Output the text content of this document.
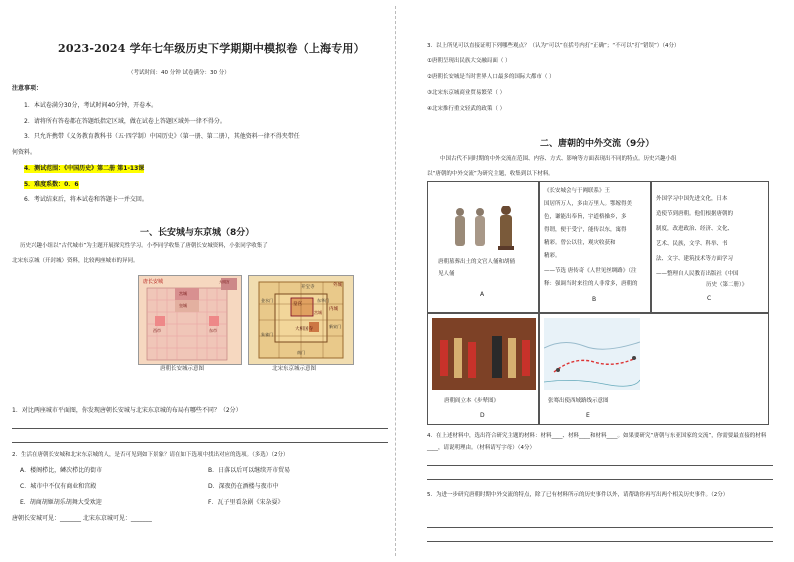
2023-2024 学年七年级历史下学期期中模拟卷（上海专用）
（考试时间：40 分钟 试卷满分：30 分）
注意事项：
1．本试卷满分30分，考试时间40分钟，开卷本。
2．请将所有答卷都在答题纸指定区域，做在试卷上答题区域外一律不得分。
3．只允许携带《义务教育教科书（五·四学制）中国历史》（第一册、第二册），其他资料一律不得夹带任
何资料。
4．测试范围：《中国历史》第二册 第1-13课
5．难度系数：0．6
6．考试结束后，将本试卷和答题卡一并交回。
一、长安城与东京城（8分）
历史兴趣小组以“古代城市”为主题开展探究性学习。小李同学收集了唐朝长安城资料，小张同学收集了
北宋东京城（开封城）资料，比较两座城市的异同。
唐长安城
宫城
皇城
东市
西市
大明宫
唐朝长安城示意图
开宝寺
皇宫
金水门	东华门
新宋门
大相国寺
朱雀门
南门
外城
内城
宫城
北宋东京城示意图
1．对比两座城市平面图，你发现唐朝长安城与北宋东京城的布局有哪些不同？（2分）
2．生活在唐朝长安城和北宋东京城的人，是否可见到如下景象？请在如下选项中找出对应的选项。（多选）（2分）
A．楼阁栉比，鳞次栉比的街市	B．日落以后可以继续开市贸易
C．城市中不仅有商业和宫殿	D．深夜仍在酒楼与夜市中
E．胡商胡姬胡乐胡舞大受欢迎	F．瓦子里看杂剧《宋杂耍》
唐朝长安城可见：_______ 北宋东京城可见：_______
3．以上所见可以直接证明下列哪些观点？（认为“可以”在括号内打“正确”；“不可以”打“错误”）（4分）
①唐朝呈现出民族大交融局面（ ）
②唐朝长安城是当时世界人口最多的国际大都市（ ）
③北宋东京城商业贸易繁荣（ ）
④北宋推行重文轻武的政策（ ）
二、唐朝的中外交流（9分）
中国古代不同时期的中外交流在范围、内容、方式、影响等方面表现出不同的特点。历史兴趣小组
以“唐朝的中外交流”为研究主题，收集到以下材料。
唐朝墓葬出土的文官人俑和胡俑
见人俑
A
《长安城会与于阗联系》王
国居所万人，多由万里人。鄂嫁得美
色，谦能出奉旨，宇道格操乡，多
得谓，便于受宁，能传以东，寓得
精彩。曾公以往，观灾收获和
精彩。
——节选 唐传奇《人世见丝绸路》（注
释：强调当时来往的人非常多，唐朝的
B
外国学习中国先进文化，日本
造使节到唐朝。他们根据唐朝的
制度，改进政治、经济、文化、
艺术、民族，文学、科举、书
法、文字、建筑技术等方面学习
——整理自人民教育出版社《中国
历史（第二册）》
C
唐朝阎立本《步辇图》
D
张骞出使西域路线示意图
E
4．在上述材料中，选出符合研究主题的材料：材料____、材料____和材料____。如果要研究“唐朝与东亚国家的交流”，你需要最直接的材料____，请说明理由。（材料请写字母）（4分）
5．为进一步研究唐朝时期中外交流的特点，除了已有材料所示的历史事件以外，请帮助你再写出两个相关历史事件。（2分）
